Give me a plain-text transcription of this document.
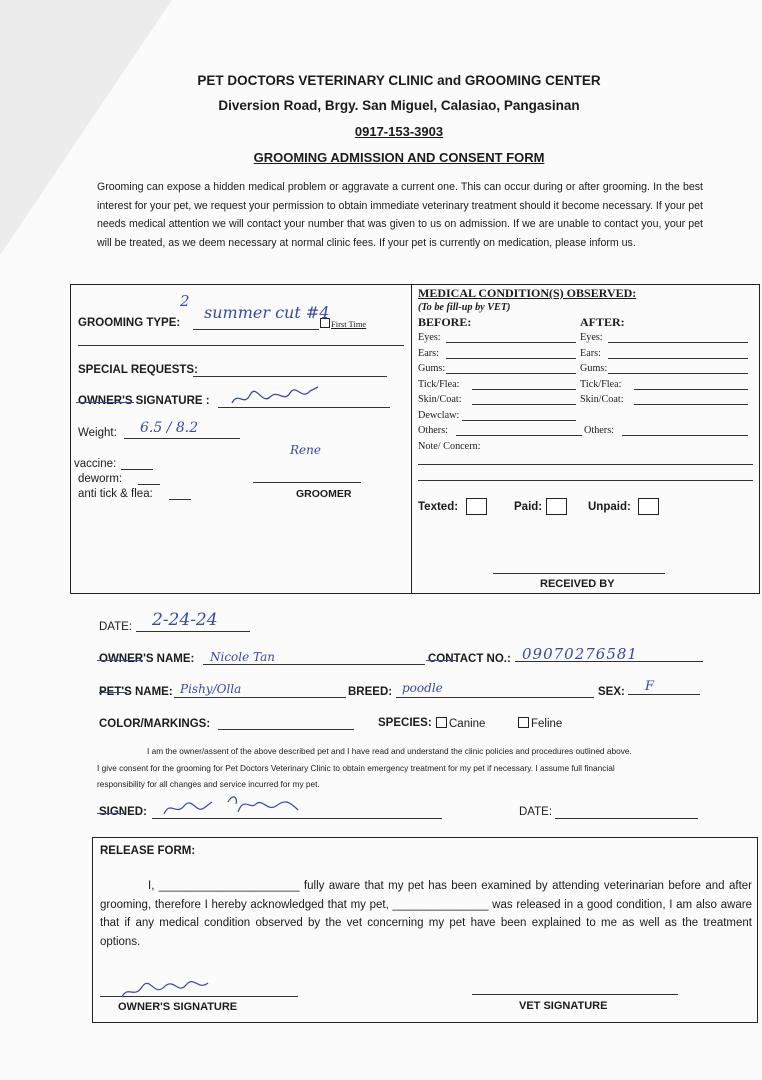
PET DOCTORS VETERINARY CLINIC and GROOMING CENTER
Diversion Road, Brgy. San Miguel, Calasiao, Pangasinan
0917-153-3903
GROOMING ADMISSION AND CONSENT FORM
Grooming can expose a hidden medical problem or aggravate a current one. This can occur during or after grooming. In the best interest for your pet, we request your permission to obtain immediate veterinary treatment should it become necessary. If your pet needs medical attention we will contact your number that was given to us on admission. If we are unable to contact you, your pet will be treated, as we deem necessary at normal clinic fees. If your pet is currently on medication, please inform us.
2
GROOMING TYPE:
summer cut #4
First Time
SPECIAL REQUESTS:
OWNER'S SIGNATURE :
Weight: 6.5 / 8.2
vaccine:
deworm:
anti tick & flea:
Rene
GROOMER
MEDICAL CONDITION(S) OBSERVED:
(To be fill-up by VET)
BEFORE:	AFTER:
Eyes:	Eyes:
Ears:	Ears:
Gums:	Gums:
Tick/Flea:	Tick/Flea:
Skin/Coat:	Skin/Coat:
Dewclaw:
Others:	Others:
Note/ Concern:
Texted:	Paid:	Unpaid:
RECEIVED BY
DATE: 2-24-24
OWNER'S NAME: Nicole Tan	CONTACT NO.: 09070276581
PET'S NAME: Pishy/Olla	BREED: poodle	SEX: F
COLOR/MARKINGS:	SPECIES:	Canine	Feline
I am the owner/assent of the above described pet and I have read and understand the clinic policies and procedures outlined above.
I give consent for the grooming for Pet Doctors Veterinary Clinic to obtain emergency treatment for my pet if necessary. I assume full financial
responsibility for all changes and service incurred for my pet.
SIGNED:	DATE:
RELEASE FORM:
I, ______________________ fully aware that my pet has been examined by attending veterinarian before and after grooming, therefore I hereby acknowledged that my pet, _______________ was released in a good condition, I am also aware that if any medical condition observed by the vet concerning my pet have been explained to me as well as the treatment options.
OWNER'S SIGNATURE	VET SIGNATURE
